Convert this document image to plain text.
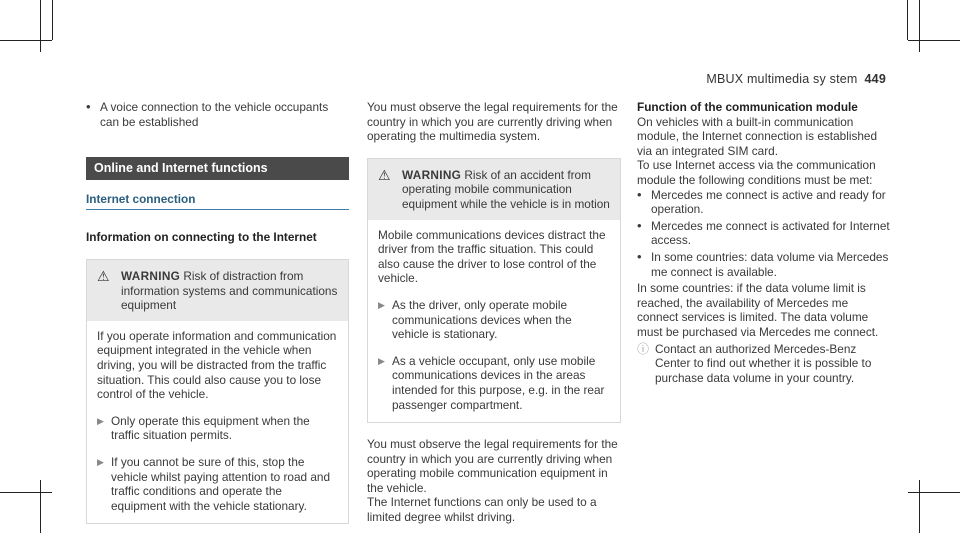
MBUX multimedia sy stem 449
• A voice connection to the vehicle occupants can be established
Online and Internet functions
Internet connection
Information on connecting to the Internet
⚠ WARNING Risk of distraction from information systems and communications equipment

If you operate information and communication equipment integrated in the vehicle when driving, you will be distracted from the traffic situation. This could also cause you to lose control of the vehicle.

▶ Only operate this equipment when the traffic situation permits.
▶ If you cannot be sure of this, stop the vehicle whilst paying attention to road and traffic conditions and operate the equipment with the vehicle stationary.

You must observe the legal requirements for the country in which you are currently driving when operating the multimedia system.

⚠ WARNING Risk of an accident from operating mobile communication equipment while the vehicle is in motion

Mobile communications devices distract the driver from the traffic situation. This could also cause the driver to lose control of the vehicle.

▶ As the driver, only operate mobile communications devices when the vehicle is stationary.
▶ As a vehicle occupant, only use mobile communications devices in the areas intended for this purpose, e.g. in the rear passenger compartment.

You must observe the legal requirements for the country in which you are currently driving when operating mobile communication equipment in the vehicle.

The Internet functions can only be used to a limited degree whilst driving.

Function of the communication module

On vehicles with a built-in communication module, the Internet connection is established via an integrated SIM card.

To use Internet access via the communication module the following conditions must be met:

• Mercedes me connect is active and ready for operation.
• Mercedes me connect is activated for Internet access.
• In some countries: data volume via Mercedes me connect is available.

In some countries: if the data volume limit is reached, the availability of Mercedes me connect services is limited. The data volume must be purchased via Mercedes me connect.

ⓘ Contact an authorized Mercedes-Benz Center to find out whether it is possible to purchase data volume in your country.
